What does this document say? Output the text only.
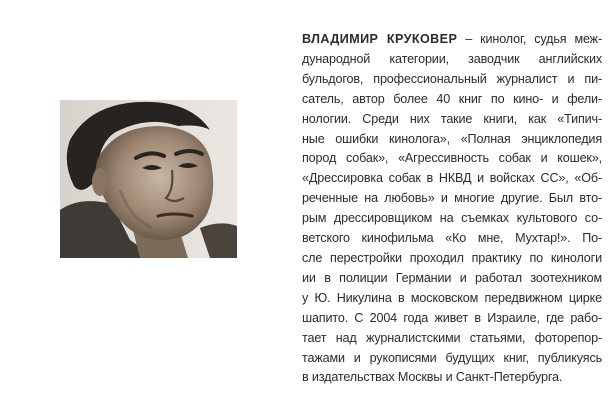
ВЛАДИМИР КРУКОВЕР – кинолог, судья меж-
дународной категории, заводчик английских
бульдогов, профессиональный журналист и пи-
сатель, автор более 40 книг по кино- и фели-
нологии. Среди них такие книги, как «Типич-
ные ошибки кинолога», «Полная энциклопедия
пород собак», «Агрессивность собак и кошек»,
«Дрессировка собак в НКВД и войсках СС», «Об-
реченные на любовь» и многие другие. Был вто-
рым дрессировщиком на съемках культового со-
ветского кинофильма «Ко мне, Мухтар!». По-
сле перестройки проходил практику по кинологи
ии в полиции Германии и работал зоотехником
у Ю. Никулина в московском передвижном цирке
шапито. С 2004 года живет в Израиле, где рабо-
тает над журналистскими статьями, фоторепор-
тажами и рукописями будущих книг, публикуясь
в издательствах Москвы и Санкт-Петербурга.
